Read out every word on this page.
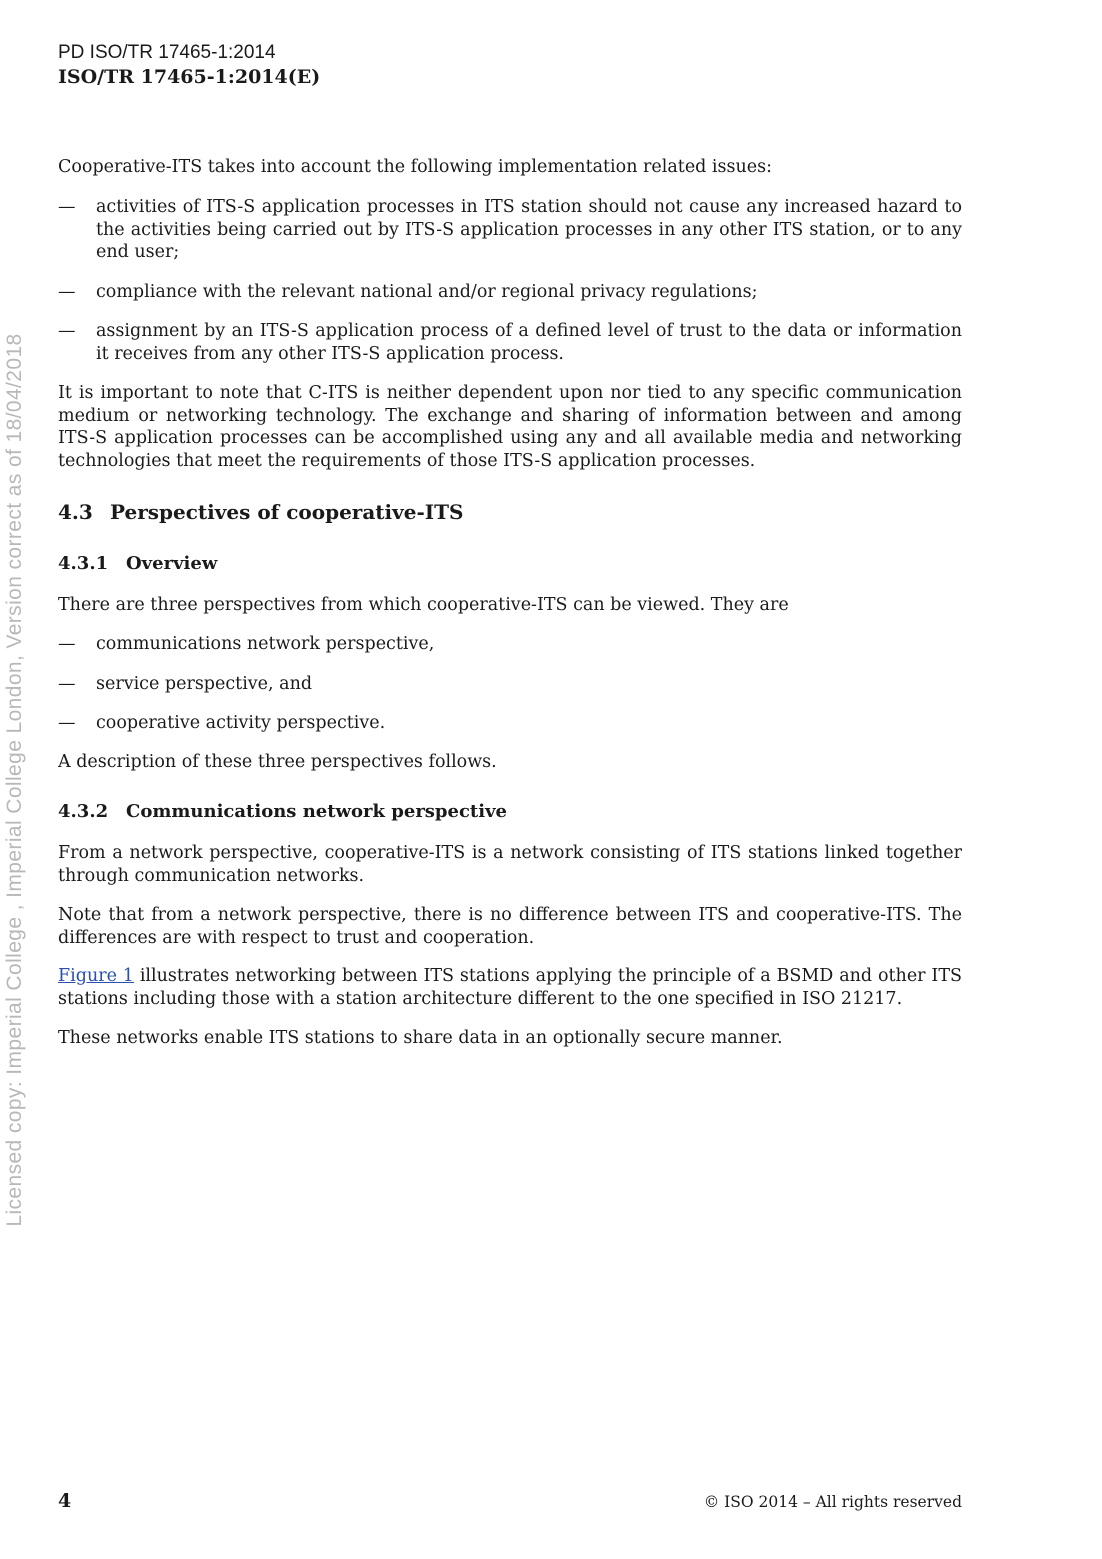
Licensed copy: Imperial College , Imperial College London, Version correct as of 18/04/2018
PD ISO/TR 17465-1:2014
ISO/TR 17465-1:2014(E)

Cooperative-ITS takes into account the following implementation related issues:

—	activities of ITS-S application processes in ITS station should not cause any increased hazard to the activities being carried out by ITS-S application processes in any other ITS station, or to any end user;
—	compliance with the relevant national and/or regional privacy regulations;
—	assignment by an ITS-S application process of a defined level of trust to the data or information it receives from any other ITS-S application process.

It is important to note that C-ITS is neither dependent upon nor tied to any specific communication medium or networking technology. The exchange and sharing of information between and among ITS-S application processes can be accomplished using any and all available media and networking technologies that meet the requirements of those ITS-S application processes.

4.3 Perspectives of cooperative-ITS
4.3.1 Overview

There are three perspectives from which cooperative-ITS can be viewed. They are

—	communications network perspective,
—	service perspective, and
—	cooperative activity perspective.

A description of these three perspectives follows.

4.3.2 Communications network perspective

From a network perspective, cooperative-ITS is a network consisting of ITS stations linked together through communication networks.

Note that from a network perspective, there is no difference between ITS and cooperative-ITS. The differences are with respect to trust and cooperation.

Figure 1 illustrates networking between ITS stations applying the principle of a BSMD and other ITS stations including those with a station architecture different to the one specified in ISO 21217.

These networks enable ITS stations to share data in an optionally secure manner.

4	© ISO 2014 – All rights reserved
